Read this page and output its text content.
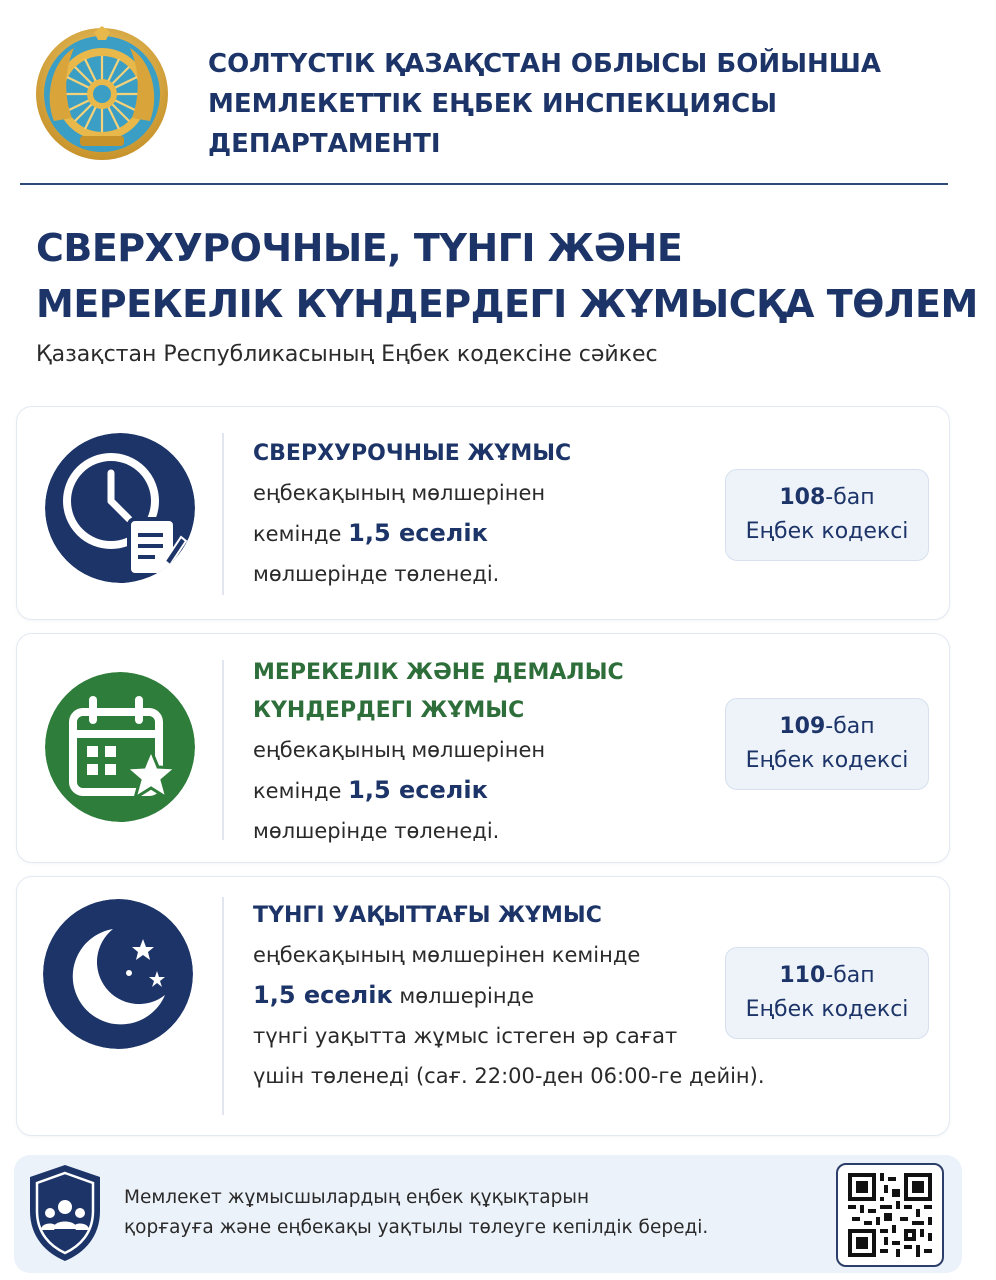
СОЛТҮСТІК ҚАЗАҚСТАН ОБЛЫСЫ БОЙЫНША
МЕМЛЕКЕТТІК ЕҢБЕК ИНСПЕКЦИЯСЫ
ДЕПАРТАМЕНТІ
СВЕРХУРОЧНЫЕ, ТҮНГІ ЖӘНЕ
МЕРЕКЕЛІК КҮНДЕРДЕГІ ЖҰМЫСҚА ТӨЛЕМ
Қазақстан Республикасының Еңбек кодексіне сәйкес
СВЕРХУРОЧНЫЕ ЖҰМЫС
еңбекақының мөлшерінен
кемінде 1,5 еселік
мөлшерінде төленеді.
108-бап
Еңбек кодексі
МЕРЕКЕЛІК ЖӘНЕ ДЕМАЛЫС
КҮНДЕРДЕГІ ЖҰМЫС
еңбекақының мөлшерінен
кемінде 1,5 еселік
мөлшерінде төленеді.
109-бап
Еңбек кодексі
ТҮНГІ УАҚЫТТАҒЫ ЖҰМЫС
еңбекақының мөлшерінен кемінде
1,5 еселік мөлшерінде
түнгі уақытта жұмыс істеген әр сағат
үшін төленеді (сағ. 22:00-ден 06:00-ге дейін).
110-бап
Еңбек кодексі
Мемлекет жұмысшылардың еңбек құқықтарын
қорғауға және еңбекақы уақтылы төлеуге кепілдік береді.
